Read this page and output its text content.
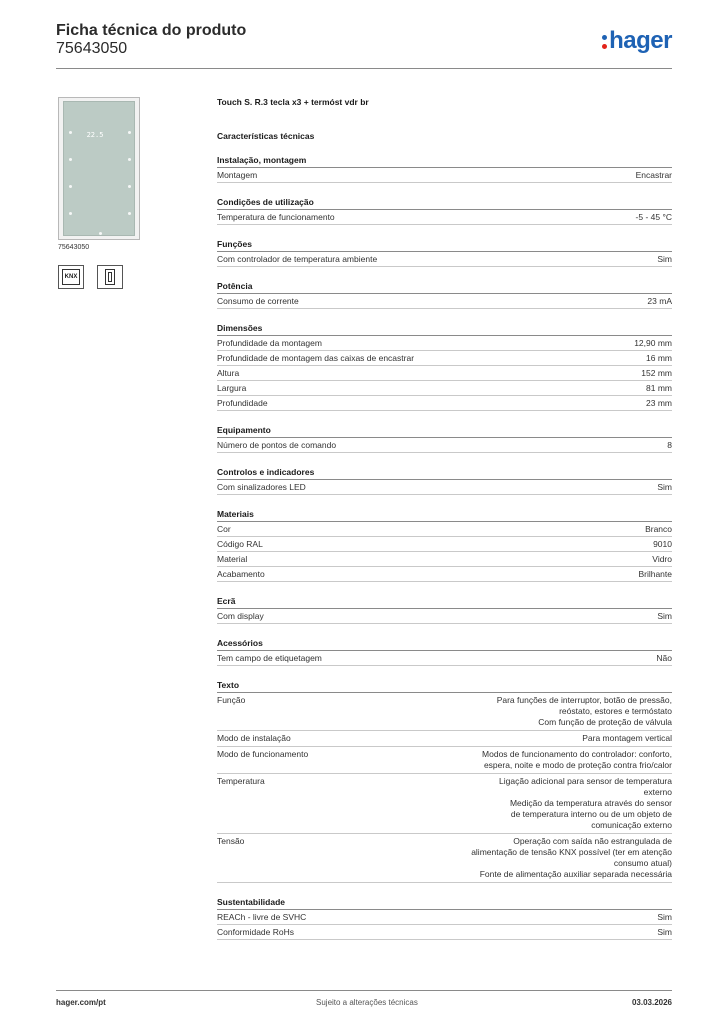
Ficha técnica do produto
75643050	hager
22.5
75643050
KNX
Touch S. R.3 tecla x3 + termóst vdr br
Características técnicas
Instalação, montagem
Montagem	Encastrar
Condições de utilização
Temperatura de funcionamento	-5 - 45 °C
Funções
Com controlador de temperatura ambiente	Sim
Potência
Consumo de corrente	23 mA
Dimensões
Profundidade da montagem	12,90 mm
Profundidade de montagem das caixas de encastrar	16 mm
Altura	152 mm
Largura	81 mm
Profundidade	23 mm
Equipamento
Número de pontos de comando	8
Controlos e indicadores
Com sinalizadores LED	Sim
Materiais
Cor	Branco
Código RAL	9010
Material	Vidro
Acabamento	Brilhante
Ecrã
Com display	Sim
Acessórios
Tem campo de etiquetagem	Não
Texto
Função	Para funções de interruptor, botão de pressão,
reóstato, estores e termóstato
Com função de proteção de válvula
Modo de instalação	Para montagem vertical
Modo de funcionamento	Modos de funcionamento do controlador: conforto,
espera, noite e modo de proteção contra frio/calor
Temperatura	Ligação adicional para sensor de temperatura
externo
Medição da temperatura através do sensor
de temperatura interno ou de um objeto de
comunicação externo
Tensão	Operação com saída não estrangulada de
alimentação de tensão KNX possível (ter em atenção
consumo atual)
Fonte de alimentação auxiliar separada necessária
Sustentabilidade
REACh - livre de SVHC	Sim
Conformidade RoHs	Sim
hager.com/pt	Sujeito a alterações técnicas	03.03.2026
